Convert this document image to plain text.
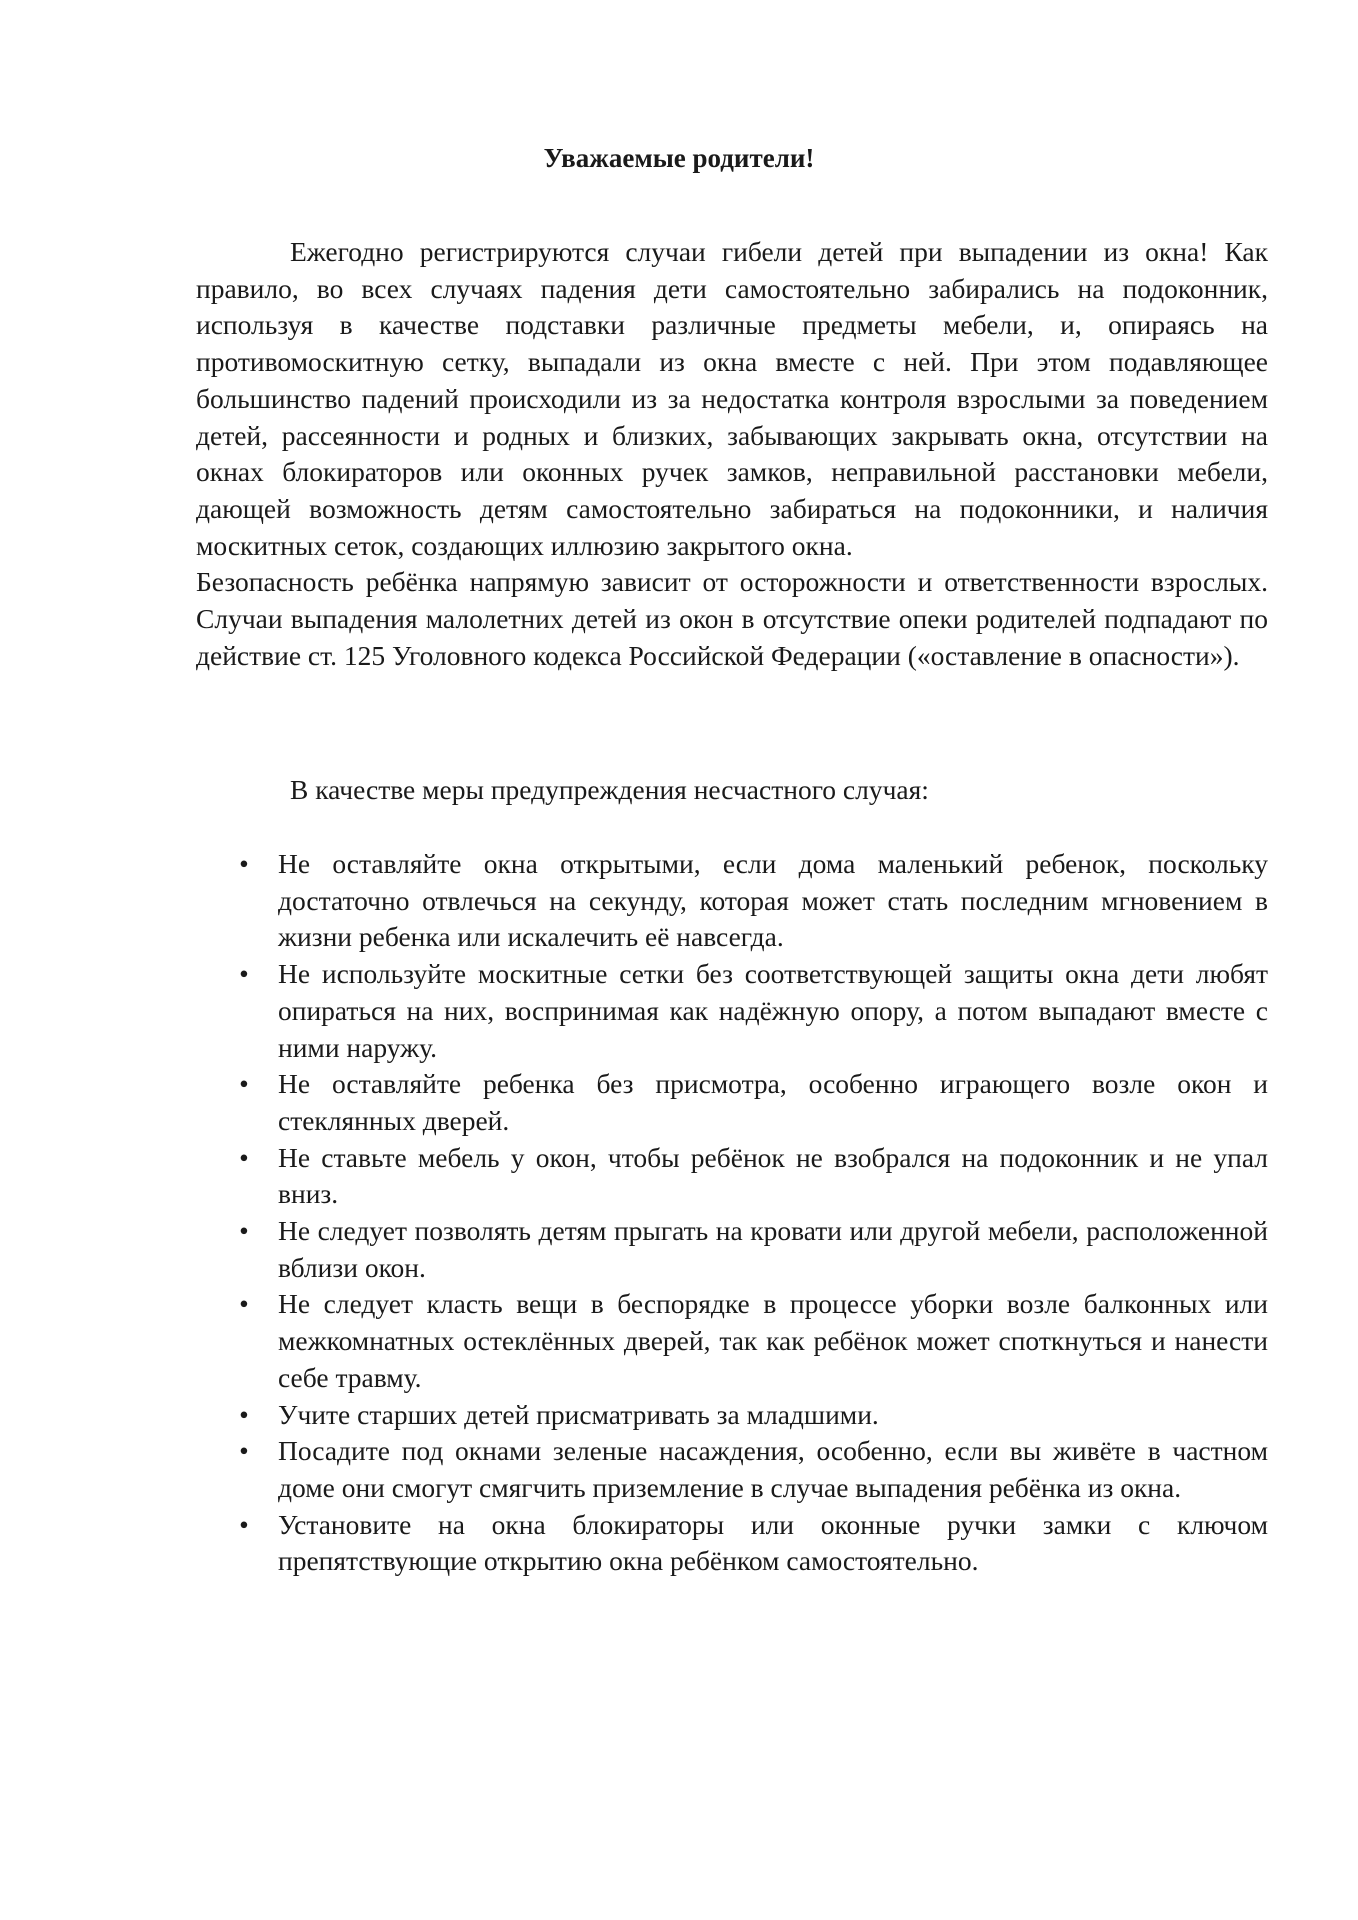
Уважаемые родители!
Ежегодно регистрируются случаи гибели детей при выпадении из окна! Как правило, во всех случаях падения дети самостоятельно забирались на подоконник, используя в качестве подставки различные предметы мебели, и, опираясь на противомоскитную сетку, выпадали из окна вместе с ней. При этом подавляющее большинство падений происходили из за недостатка контроля взрослыми за поведением детей, рассеянности и родных и близких, забывающих закрывать окна, отсутствии на окнах блокираторов или оконных ручек замков, неправильной расстановки мебели, дающей возможность детям самостоятельно забираться на подоконники, и наличия москитных сеток, создающих иллюзию закрытого окна.
Безопасность ребёнка напрямую зависит от осторожности и ответственности взрослых. Случаи выпадения малолетних детей из окон в отсутствие опеки родителей подпадают по действие ст. 125 Уголовного кодекса Российской Федерации («оставление в опасности»).
В качестве меры предупреждения несчастного случая:
• Не оставляйте окна открытыми, если дома маленький ребенок, поскольку достаточно отвлечься на секунду, которая может стать последним мгновением в жизни ребенка или искалечить её навсегда.
• Не используйте москитные сетки без соответствующей защиты окна дети любят опираться на них, воспринимая как надёжную опору, а потом выпадают вместе с ними наружу.
• Не оставляйте ребенка без присмотра, особенно играющего возле окон и стеклянных дверей.
• Не ставьте мебель у окон, чтобы ребёнок не взобрался на подоконник и не упал вниз.
• Не следует позволять детям прыгать на кровати или другой мебели, расположенной вблизи окон.
• Не следует класть вещи в беспорядке в процессе уборки возле балконных или межкомнатных остеклённых дверей, так как ребёнок может споткнуться и нанести себе травму.
• Учите старших детей присматривать за младшими.
• Посадите под окнами зеленые насаждения, особенно, если вы живёте в частном доме они смогут смягчить приземление в случае выпадения ребёнка из окна.
• Установите на окна блокираторы или оконные ручки замки с ключом препятствующие открытию окна ребёнком самостоятельно.
